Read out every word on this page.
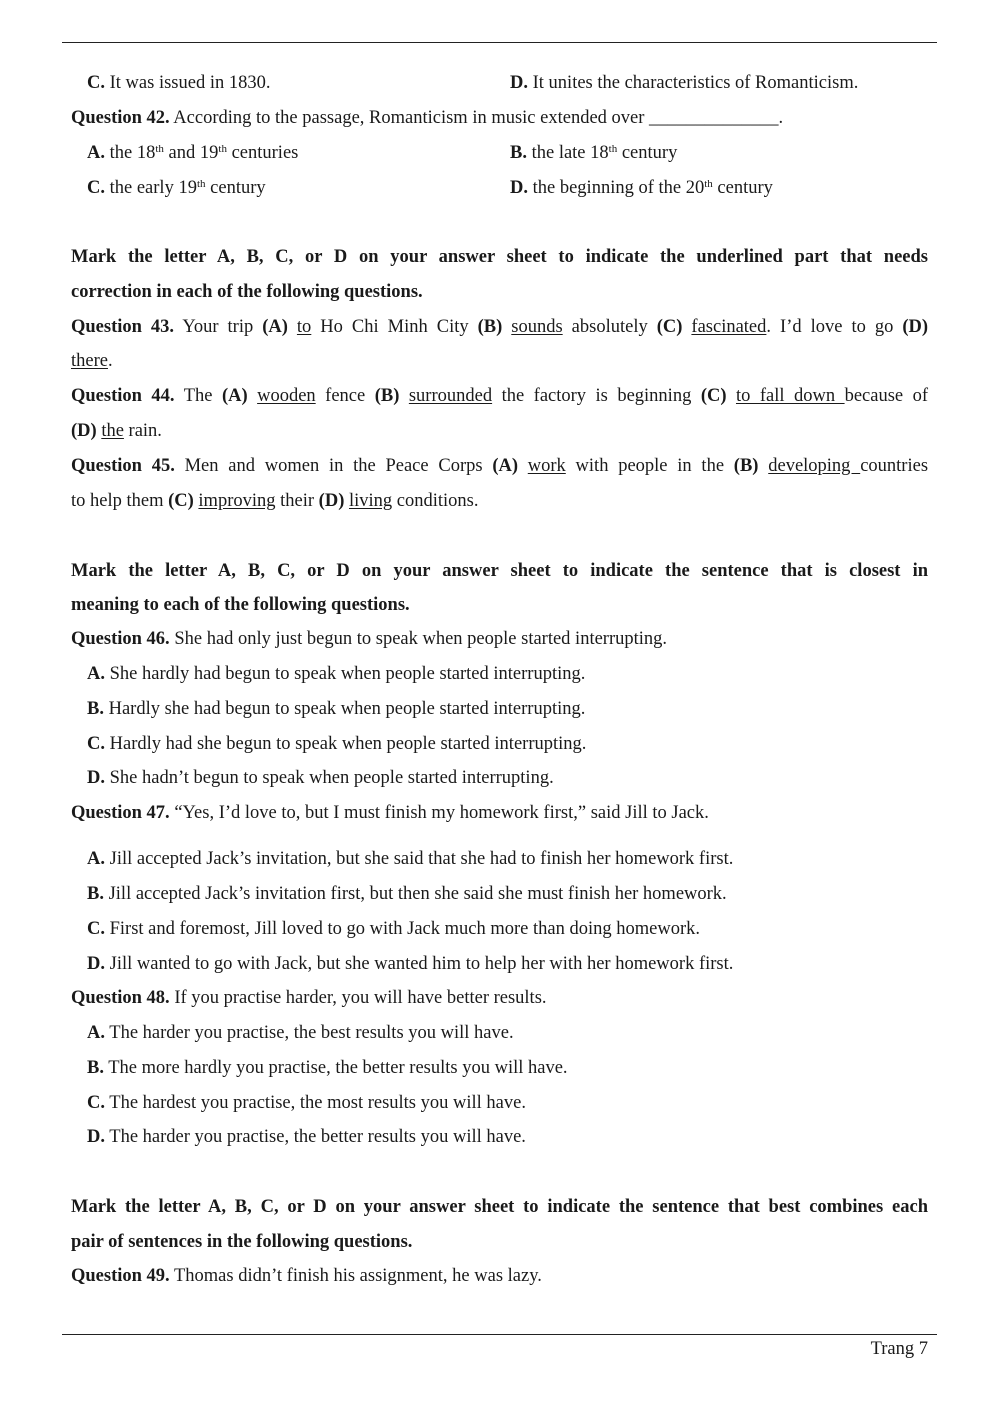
C. It was issued in 1830.	D. It unites the characteristics of Romanticism.
Question 42. According to the passage, Romanticism in music extended over ______________.
A. the 18th and 19th centuries	B. the late 18th century
C. the early 19th century	D. the beginning of the 20th century
Mark the letter A, B, C, or D on your answer sheet to indicate the underlined part that needs
correction in each of the following questions.
Question 43. Your trip (A) to Ho Chi Minh City (B) sounds absolutely (C) fascinated. I’d love to go (D)
there.
Question 44. The (A) wooden fence (B) surrounded the factory is beginning (C) to fall down because of
(D) the rain.
Question 45. Men and women in the Peace Corps (A) work with people in the (B) developing countries
to help them (C) improving their (D) living conditions.
Mark the letter A, B, C, or D on your answer sheet to indicate the sentence that is closest in
meaning to each of the following questions.
Question 46. She had only just begun to speak when people started interrupting.
A. She hardly had begun to speak when people started interrupting.
B. Hardly she had begun to speak when people started interrupting.
C. Hardly had she begun to speak when people started interrupting.
D. She hadn’t begun to speak when people started interrupting.
Question 47. “Yes, I’d love to, but I must finish my homework first,” said Jill to Jack.
A. Jill accepted Jack’s invitation, but she said that she had to finish her homework first.
B. Jill accepted Jack’s invitation first, but then she said she must finish her homework.
C. First and foremost, Jill loved to go with Jack much more than doing homework.
D. Jill wanted to go with Jack, but she wanted him to help her with her homework first.
Question 48. If you practise harder, you will have better results.
A. The harder you practise, the best results you will have.
B. The more hardly you practise, the better results you will have.
C. The hardest you practise, the most results you will have.
D. The harder you practise, the better results you will have.
Mark the letter A, B, C, or D on your answer sheet to indicate the sentence that best combines each
pair of sentences in the following questions.
Question 49. Thomas didn’t finish his assignment, he was lazy.
Trang 7
